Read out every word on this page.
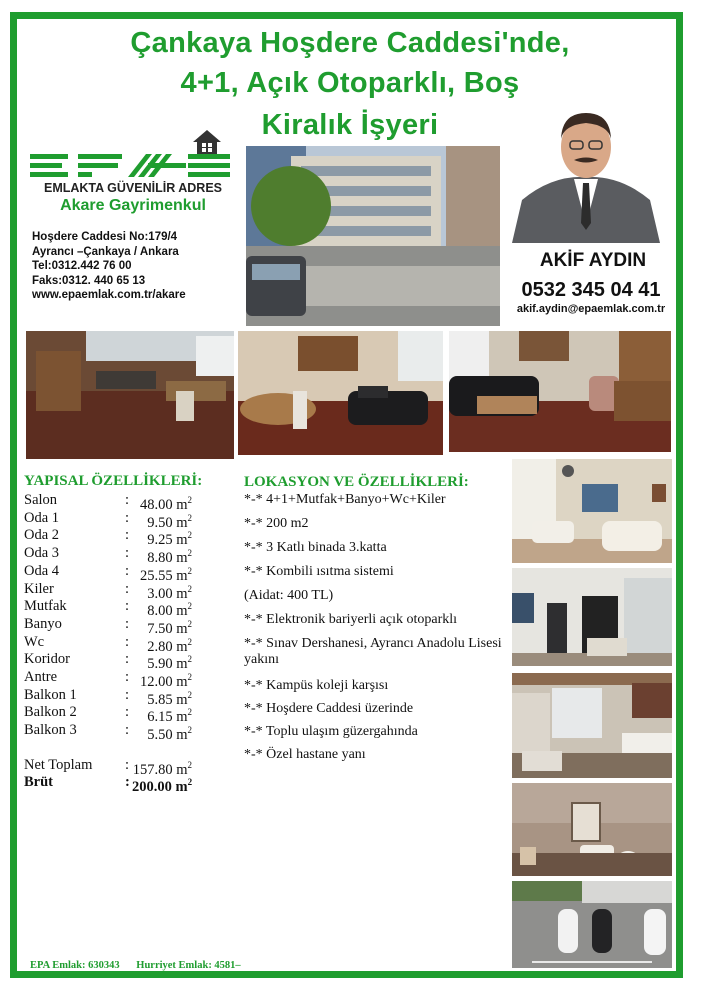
Çankaya Hoşdere Caddesi'nde,
4+1, Açık Otoparklı, Boş
Kiralık İşyeri
EMLAKTA GÜVENİLİR ADRES
Akare Gayrimenkul
Hoşdere Caddesi No:179/4
Ayrancı –Çankaya / Ankara
Tel:0312.442 76 00
Faks:0312. 440 65 13
www.epaemlak.com.tr/akare
AKİF AYDIN
0532 345 04 41
akif.aydin@epaemlak.com.tr
YAPISAL ÖZELLİKLERİ:
Salon	: 48.00 $m^2$
Oda 1	:	9.50 $m^2$
Oda 2	:	9.25 $m^2$
Oda 3	:	8.80 $m^2$
Oda 4	: 25.55 $m^2$
Kiler	:	3.00 $m^2$
Mutfak	:	8.00 $m^2$
Banyo	:	7.50 $m^2$
Wc	:	2.80 $m^2$
Koridor	:	5.90 $m^2$
Antre	: 12.00 $m^2$
Balkon 1	:	5.85 $m^2$
Balkon 2	:	6.15 $m^2$
Balkon 3	:	5.50 $m^2$
Net Toplam : 157.80 $m^2$
Brüt	: 200.00 $m^2$
LOKASYON VE ÖZELLİKLERİ:
*-* 4+1+Mutfak+Banyo+Wc+Kiler
*-* 200 m2
*-* 3 Katlı binada 3.katta
*-* Kombili ısıtma sistemi
(Aidat: 400 TL)
*-* Elektronik bariyerli açık otoparklı
*-* Sınav Dershanesi, Ayrancı Anadolu Lisesi yakını
*-* Kampüs koleji karşısı
*-* Hoşdere Caddesi üzerinde
*-* Toplu ulaşım güzergahında
*-* Özel hastane yanı
EPA Emlak: 630343 Hurriyet Emlak: 4581–
